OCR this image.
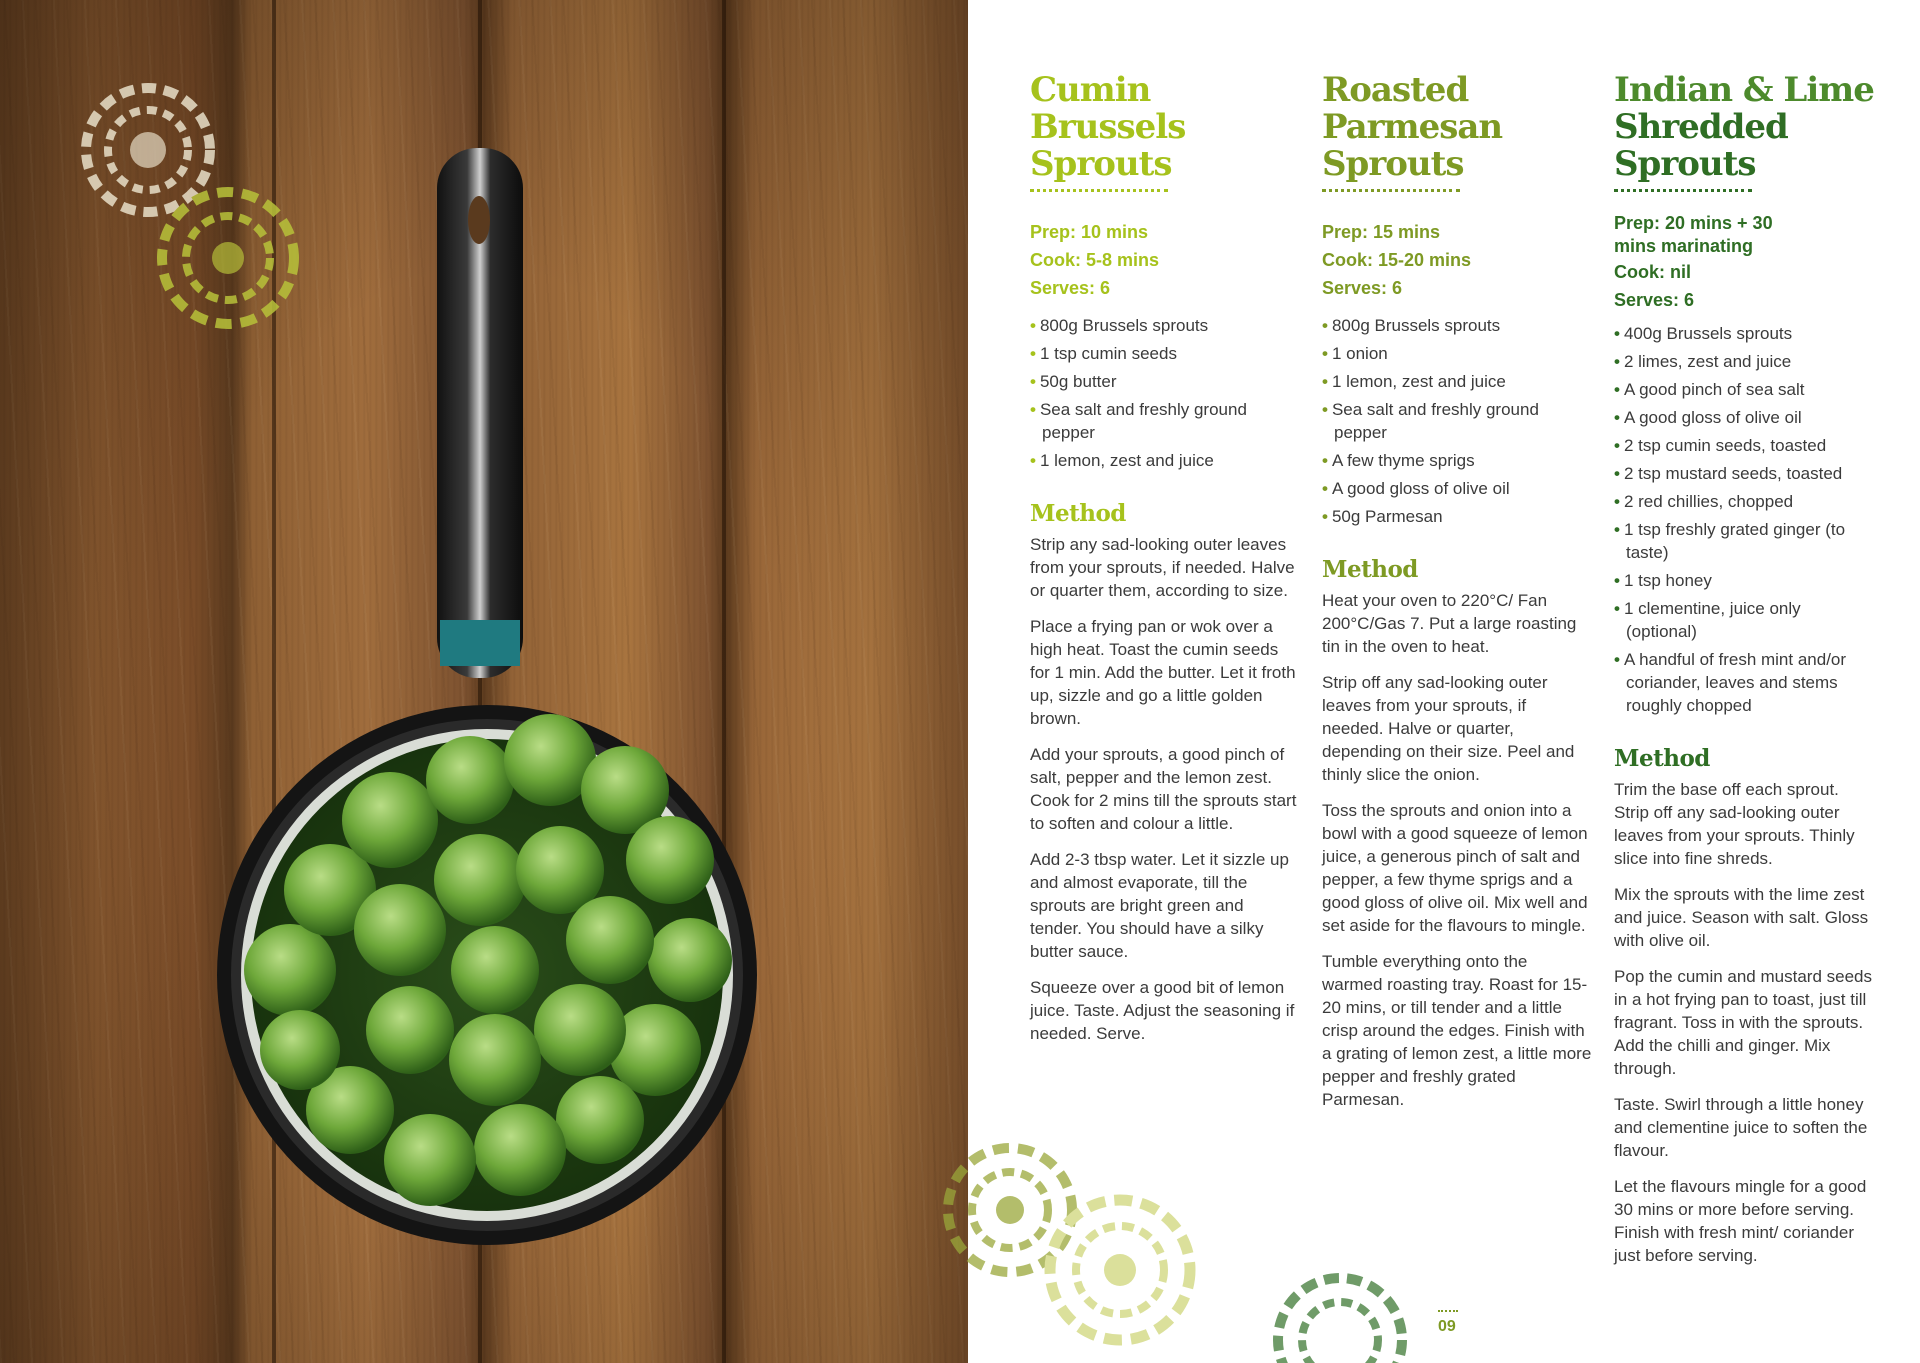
Cumin
Brussels
Sprouts
Prep: 10 mins
Cook: 5-8 mins
Serves: 6
• 800g Brussels sprouts
• 1 tsp cumin seeds
• 50g butter
• Sea salt and freshly ground pepper
• 1 lemon, zest and juice
Method

Strip any sad-looking outer leaves from your sprouts, if needed. Halve or quarter them, according to size.

Place a frying pan or wok over a high heat. Toast the cumin seeds for 1 min. Add the butter. Let it froth up, sizzle and go a little golden brown.

Add your sprouts, a good pinch of salt, pepper and the lemon zest. Cook for 2 mins till the sprouts start to soften and colour a little.

Add 2-3 tbsp water. Let it sizzle up and almost evaporate, till the sprouts are bright green and tender. You should have a silky butter sauce.

Squeeze over a good bit of lemon juice. Taste. Adjust the seasoning if needed. Serve.

Roasted
Parmesan
Sprouts
Prep: 15 mins
Cook: 15-20 mins
Serves: 6
• 800g Brussels sprouts
• 1 onion
• 1 lemon, zest and juice
• Sea salt and freshly ground pepper
• A few thyme sprigs
• A good gloss of olive oil
• 50g Parmesan
Method

Heat your oven to 220°C/ Fan 200°C/Gas 7. Put a large roasting tin in the oven to heat.

Strip off any sad-looking outer leaves from your sprouts, if needed. Halve or quarter, depending on their size. Peel and thinly slice the onion.

Toss the sprouts and onion into a bowl with a good squeeze of lemon juice, a generous pinch of salt and pepper, a few thyme sprigs and a good gloss of olive oil. Mix well and set aside for the flavours to mingle.

Tumble everything onto the warmed roasting tray. Roast for 15-20 mins, or till tender and a little crisp around the edges. Finish with a grating of lemon zest, a little more pepper and freshly grated Parmesan.

Indian & Lime
Shredded
Sprouts
Prep: 20 mins + 30 mins marinating
Cook: nil
Serves: 6
• 400g Brussels sprouts
• 2 limes, zest and juice
• A good pinch of sea salt
• A good gloss of olive oil
• 2 tsp cumin seeds, toasted
• 2 tsp mustard seeds, toasted
• 2 red chillies, chopped
• 1 tsp freshly grated ginger (to taste)
• 1 tsp honey
• 1 clementine, juice only (optional)
• A handful of fresh mint and/or coriander, leaves and stems roughly chopped
Method

Trim the base off each sprout. Strip off any sad-looking outer leaves from your sprouts. Thinly slice into fine shreds.

Mix the sprouts with the lime zest and juice. Season with salt. Gloss with olive oil.

Pop the cumin and mustard seeds in a hot frying pan to toast, just till fragrant. Toss in with the sprouts. Add the chilli and ginger. Mix through.

Taste. Swirl through a little honey and clementine juice to soften the flavour.

Let the flavours mingle for a good 30 mins or more before serving. Finish with fresh mint/ coriander just before serving.

09
